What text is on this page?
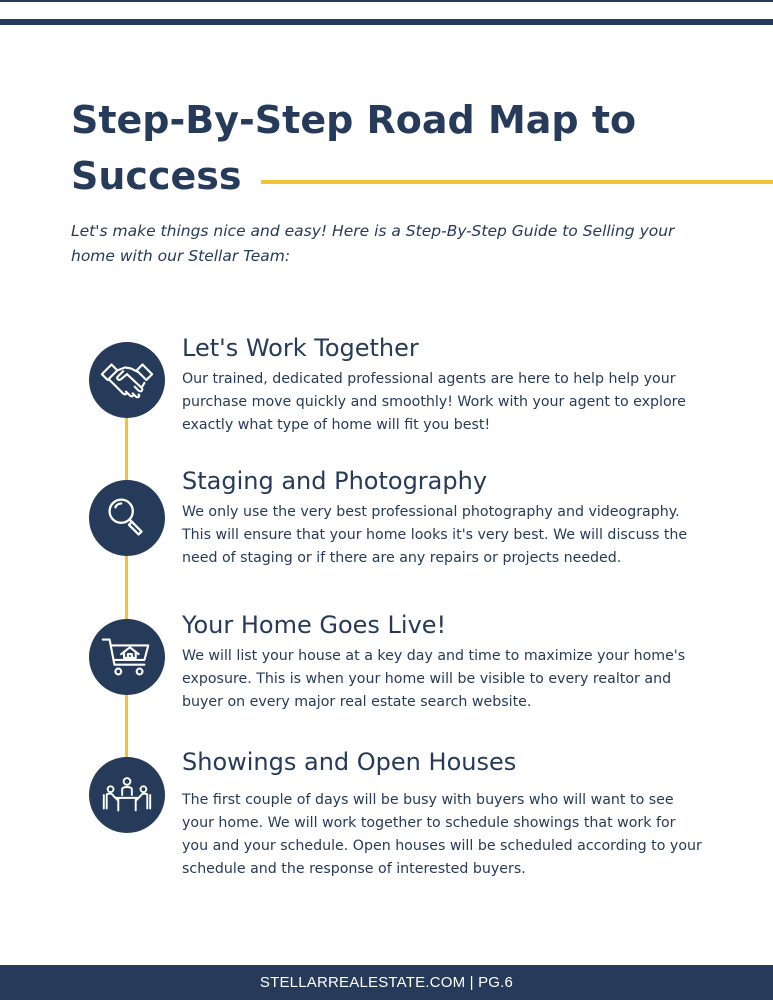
Step-By-Step Road Map to Success

Let's make things nice and easy! Here is a Step-By-Step Guide to Selling your home with our Stellar Team:

Let's Work Together

Our trained, dedicated professional agents are here to help help your purchase move quickly and smoothly! Work with your agent to explore exactly what type of home will fit you best!

Staging and Photography

We only use the very best professional photography and videography. This will ensure that your home looks it's very best. We will discuss the need of staging or if there are any repairs or projects needed.

Your Home Goes Live!

We will list your house at a key day and time to maximize your home's exposure. This is when your home will be visible to every realtor and buyer on every major real estate search website.

Showings and Open Houses

The first couple of days will be busy with buyers who will want to see your home. We will work together to schedule showings that work for you and your schedule. Open houses will be scheduled according to your schedule and the response of interested buyers.

STELLARREALESTATE.COM | PG.6
